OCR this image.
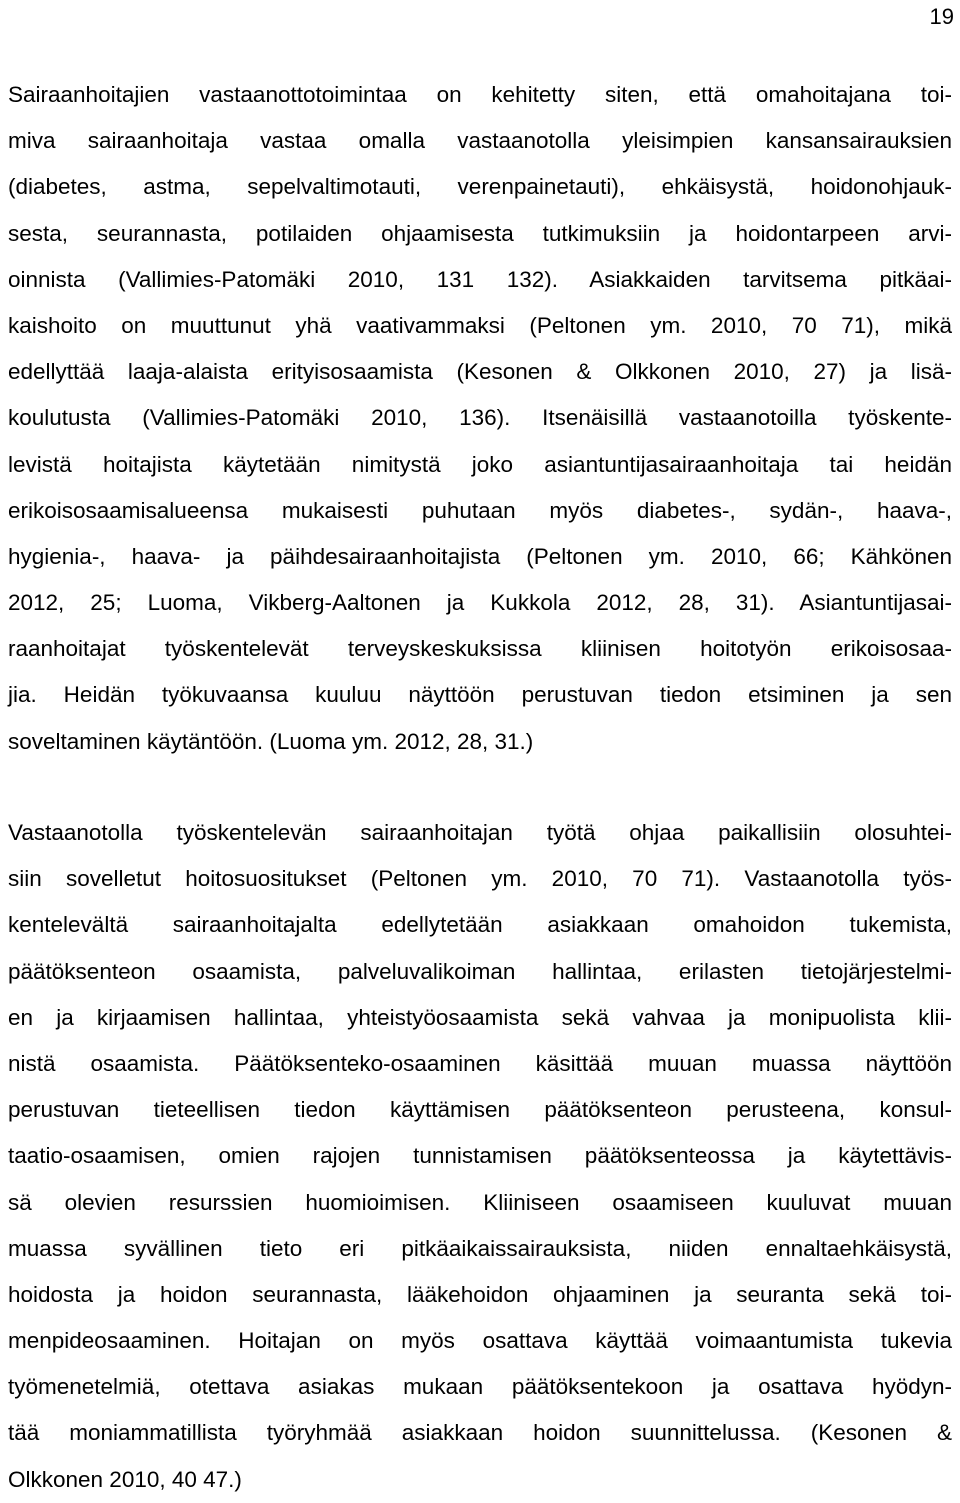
19
Sairaanhoitajien vastaanottotoimintaa on kehitetty siten, että omahoitajana toi-
miva sairaanhoitaja vastaa omalla vastaanotolla yleisimpien kansansairauksien
(diabetes, astma, sepelvaltimotauti, verenpainetauti), ehkäisystä, hoidonohjauk-
sesta, seurannasta, potilaiden ohjaamisesta tutkimuksiin ja hoidontarpeen arvi-
oinnista (Vallimies-Patomäki 2010, 131 132). Asiakkaiden tarvitsema pitkäai-
kaishoito on muuttunut yhä vaativammaksi (Peltonen ym. 2010, 70 71), mikä
edellyttää laaja-alaista erityisosaamista (Kesonen & Olkkonen 2010, 27) ja lisä-
koulutusta (Vallimies-Patomäki 2010, 136). Itsenäisillä vastaanotoilla työskente-
levistä hoitajista käytetään nimitystä joko asiantuntijasairaanhoitaja tai heidän
erikoisosaamisalueensa mukaisesti puhutaan myös diabetes-, sydän-, haava-,
hygienia-, haava- ja päihdesairaanhoitajista (Peltonen ym. 2010, 66; Kähkönen
2012, 25; Luoma, Vikberg-Aaltonen ja Kukkola 2012, 28, 31). Asiantuntijasai-
raanhoitajat työskentelevät terveyskeskuksissa kliinisen hoitotyön erikoisosaa-
jia. Heidän työkuvaansa kuuluu näyttöön perustuvan tiedon etsiminen ja sen
soveltaminen käytäntöön. (Luoma ym. 2012, 28, 31.)
Vastaanotolla työskentelevän sairaanhoitajan työtä ohjaa paikallisiin olosuhtei-
siin sovelletut hoitosuositukset (Peltonen ym. 2010, 70 71). Vastaanotolla työs-
kentelevältä sairaanhoitajalta edellytetään asiakkaan omahoidon tukemista,
päätöksenteon osaamista, palveluvalikoiman hallintaa, erilasten tietojärjestelmi-
en ja kirjaamisen hallintaa, yhteistyöosaamista sekä vahvaa ja monipuolista klii-
nistä osaamista. Päätöksenteko-osaaminen käsittää muuan muassa näyttöön
perustuvan tieteellisen tiedon käyttämisen päätöksenteon perusteena, konsul-
taatio-osaamisen, omien rajojen tunnistamisen päätöksenteossa ja käytettävis-
sä olevien resurssien huomioimisen. Kliiniseen osaamiseen kuuluvat muuan
muassa syvällinen tieto eri pitkäaikaissairauksista, niiden ennaltaehkäisystä,
hoidosta ja hoidon seurannasta, lääkehoidon ohjaaminen ja seuranta sekä toi-
menpideosaaminen. Hoitajan on myös osattava käyttää voimaantumista tukevia
työmenetelmiä, otettava asiakas mukaan päätöksentekoon ja osattava hyödyn-
tää moniammatillista työryhmää asiakkaan hoidon suunnittelussa. (Kesonen &
Olkkonen 2010, 40 47.)
